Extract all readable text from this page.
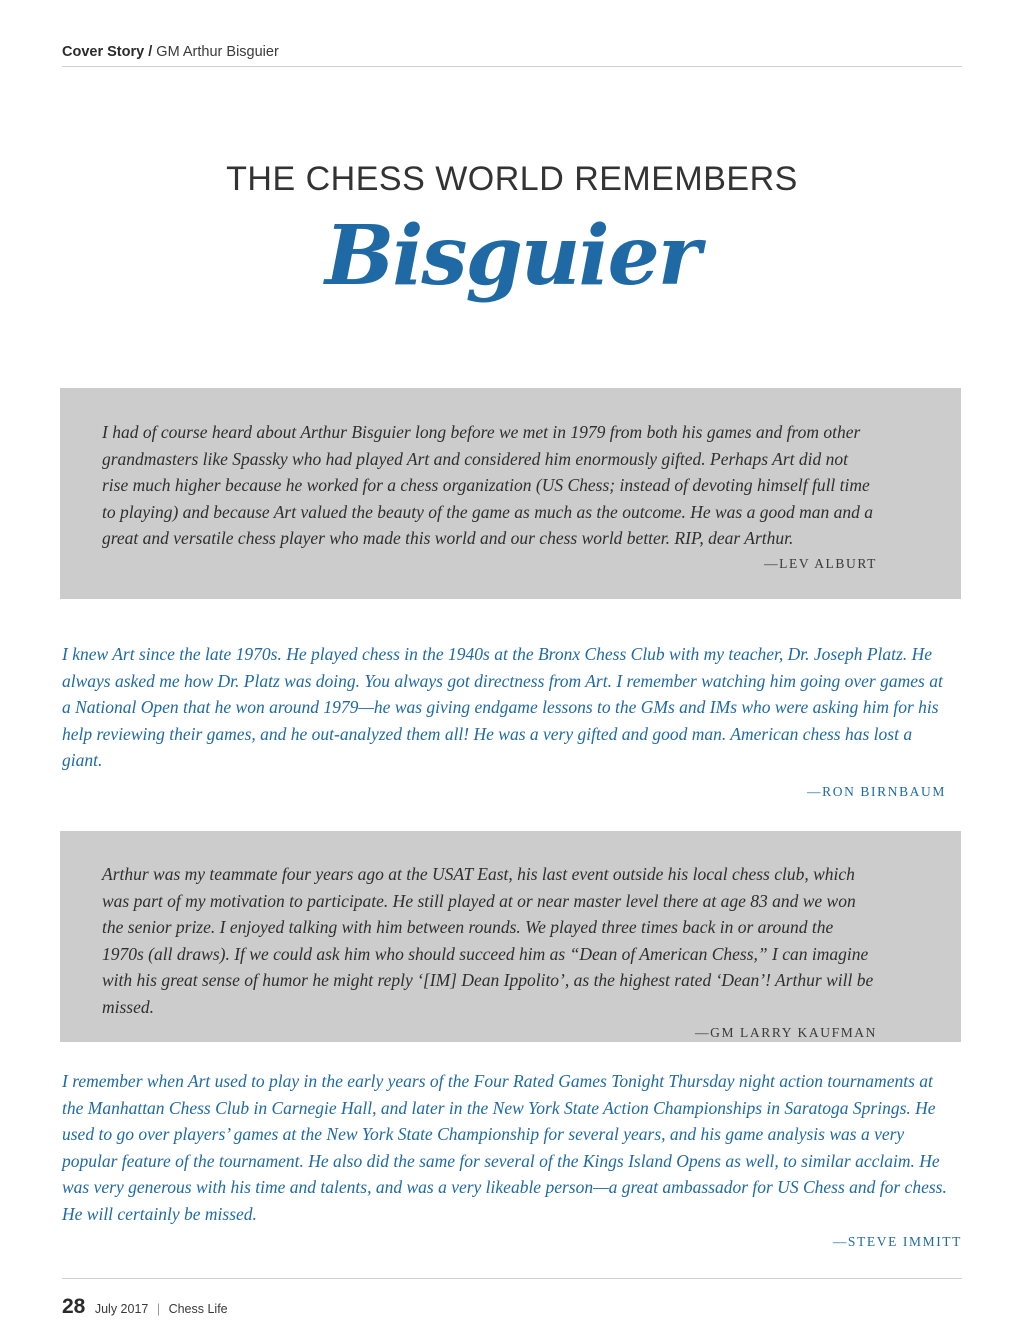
Cover Story / GM Arthur Bisguier
THE CHESS WORLD REMEMBERS
Bisguier

I had of course heard about Arthur Bisguier long before we met in 1979 from both his games and from other grandmasters like Spassky who had played Art and considered him enormously gifted. Perhaps Art did not rise much higher because he worked for a chess organization (US Chess; instead of devoting himself full time to playing) and because Art valued the beauty of the game as much as the outcome. He was a good man and a great and versatile chess player who made this world and our chess world better. RIP, dear Arthur.

—LEV ALBURT

I knew Art since the late 1970s. He played chess in the 1940s at the Bronx Chess Club with my teacher, Dr. Joseph Platz. He always asked me how Dr. Platz was doing. You always got directness from Art. I remember watching him going over games at a National Open that he won around 1979—he was giving endgame lessons to the GMs and IMs who were asking him for his help reviewing their games, and he out-analyzed them all! He was a very gifted and good man. American chess has lost a giant.

—RON BIRNBAUM

Arthur was my teammate four years ago at the USAT East, his last event outside his local chess club, which was part of my motivation to participate. He still played at or near master level there at age 83 and we won the senior prize. I enjoyed talking with him between rounds. We played three times back in or around the 1970s (all draws). If we could ask him who should succeed him as “Dean of American Chess,” I can imagine with his great sense of humor he might reply ‘[IM] Dean Ippolito’, as the highest rated ‘Dean’! Arthur will be missed.

—GM LARRY KAUFMAN

I remember when Art used to play in the early years of the Four Rated Games Tonight Thursday night action tournaments at the Manhattan Chess Club in Carnegie Hall, and later in the New York State Action Championships in Saratoga Springs. He used to go over players’ games at the New York State Championship for several years, and his game analysis was a very popular feature of the tournament. He also did the same for several of the Kings Island Opens as well, to similar acclaim. He was very generous with his time and talents, and was a very likeable person—a great ambassador for US Chess and for chess. He will certainly be missed.

—STEVE IMMITT
28 July 2017 | Chess Life
